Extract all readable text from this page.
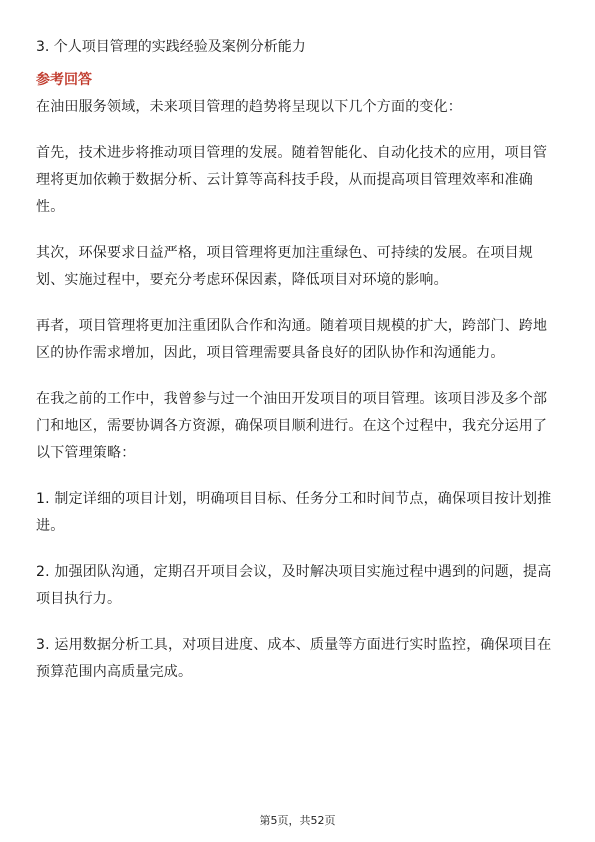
3. 个人项目管理的实践经验及案例分析能力

参考回答

在油田服务领域，未来项目管理的趋势将呈现以下几个方面的变化：

首先，技术进步将推动项目管理的发展。随着智能化、自动化技术的应用，项目管理将更加依赖于数据分析、云计算等高科技手段，从而提高项目管理效率和准确性。

其次，环保要求日益严格，项目管理将更加注重绿色、可持续的发展。在项目规划、实施过程中，要充分考虑环保因素，降低项目对环境的影响。

再者，项目管理将更加注重团队合作和沟通。随着项目规模的扩大，跨部门、跨地区的协作需求增加，因此，项目管理需要具备良好的团队协作和沟通能力。

在我之前的工作中，我曾参与过一个油田开发项目的项目管理。该项目涉及多个部门和地区，需要协调各方资源，确保项目顺利进行。在这个过程中，我充分运用了以下管理策略：

1. 制定详细的项目计划，明确项目目标、任务分工和时间节点，确保项目按计划推进。

2. 加强团队沟通，定期召开项目会议，及时解决项目实施过程中遇到的问题，提高项目执行力。

3. 运用数据分析工具，对项目进度、成本、质量等方面进行实时监控，确保项目在预算范围内高质量完成。

第5页，共52页
